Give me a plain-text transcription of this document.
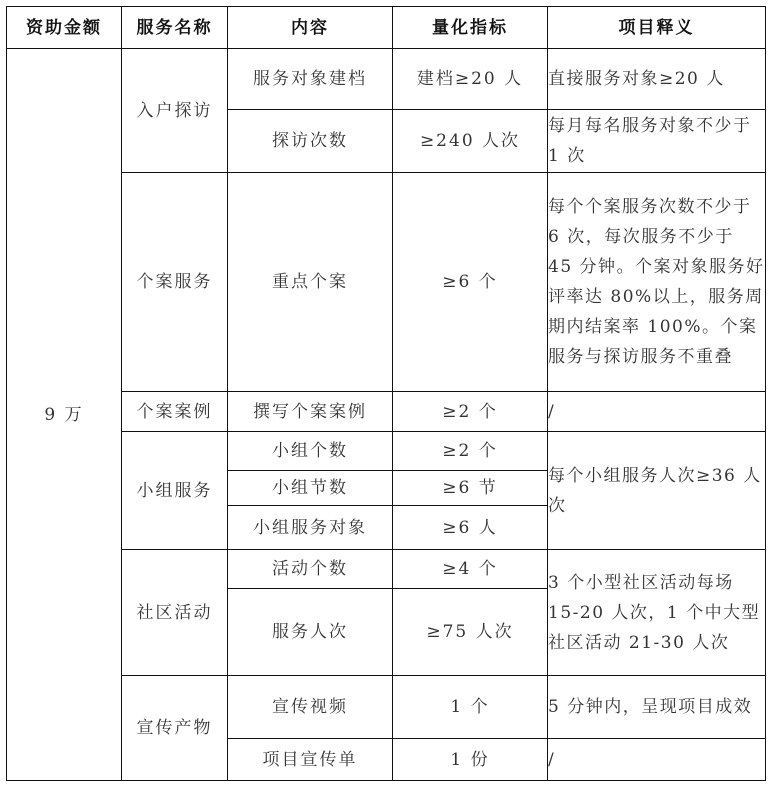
资助金额	服务名称	内容	量化指标	项目释义
9 万	入户探访	服务对象建档	建档≥20 人	直接服务对象≥20 人
		探访次数	≥240 人次	每月每名服务对象不少于 1 次
	个案服务	重点个案	≥6 个	每个个案服务次数不少于 6 次，每次服务不少于 45 分钟。个案对象服务好评率达 80%以上，服务周期内结案率 100%。个案服务与探访服务不重叠
	个案案例	撰写个案案例	≥2 个	/
	小组服务	小组个数	≥2 个	每个小组服务人次≥36 人次
		小组节数	≥6 节	
		小组服务对象	≥6 人	
	社区活动	活动个数	≥4 个	3 个小型社区活动每场 15-20 人次，1 个中大型社区活动 21-30 人次
		服务人次	≥75 人次	
	宣传产物	宣传视频	1 个	5 分钟内，呈现项目成效
		项目宣传单	1 份	/
